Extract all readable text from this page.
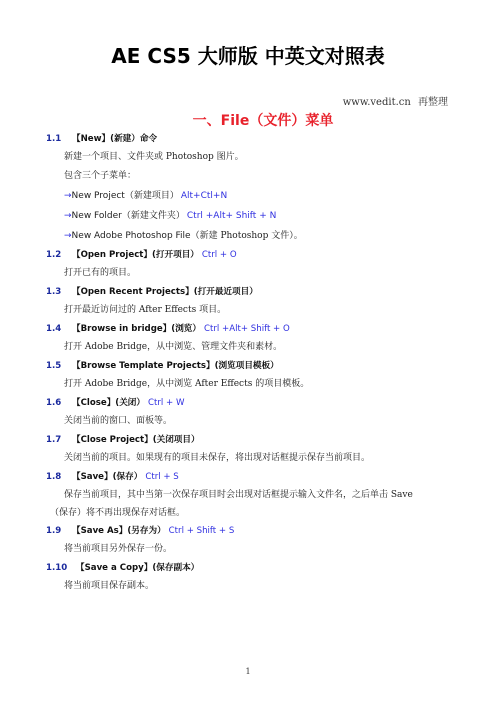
AE CS5 大师版 中英文对照表
www.vedit.cn 再整理
一、File（文件）菜单
1.1 【New】(新建）命令
新建一个项目、文件夹或 Photoshop 图片。
包含三个子菜单：
→New Project（新建项目） Alt+Ctl+N
→New Folder（新建文件夹） Ctrl +Alt+ Shift + N
→New Adobe Photoshop File（新建 Photoshop 文件）。
1.2 【Open Project】(打开项目） Ctrl + O
打开已有的项目。
1.3 【Open Recent Projects】(打开最近项目）
打开最近访问过的 After Effects 项目。
1.4 【Browse in bridge】(浏览） Ctrl +Alt+ Shift + O
打开 Adobe Bridge，从中浏览、管理文件夹和素材。
1.5 【Browse Template Projects】(浏览项目模板）
打开 Adobe Bridge，从中浏览 After Effects 的项目模板。
1.6 【Close】(关闭） Ctrl + W
关闭当前的窗口、面板等。
1.7 【Close Project】(关闭项目）
关闭当前的项目。如果现有的项目未保存，将出现对话框提示保存当前项目。
1.8 【Save】(保存） Ctrl + S
保存当前项目，其中当第一次保存项目时会出现对话框提示输入文件名，之后单击 Save
（保存）将不再出现保存对话框。
1.9 【Save As】(另存为） Ctrl + Shift + S
将当前项目另外保存一份。
1.10 【Save a Copy】(保存副本）
将当前项目保存副本。
1
